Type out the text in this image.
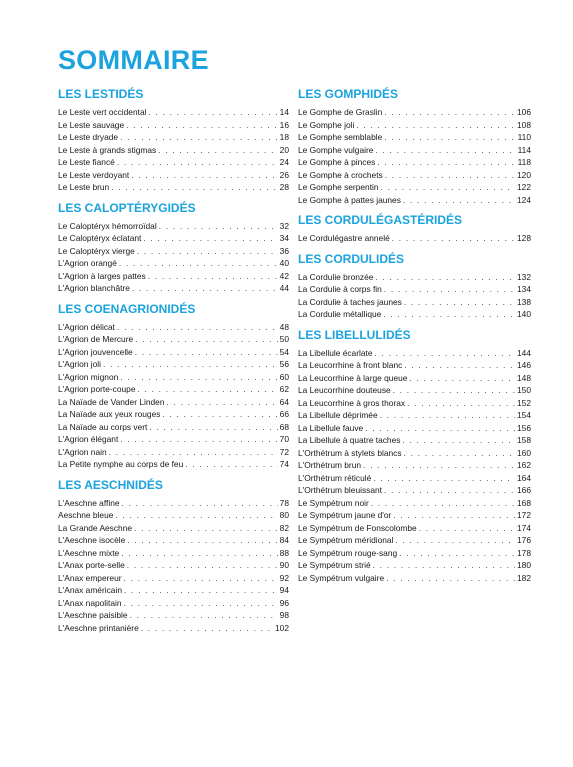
SOMMAIRE
LES LESTIDÉS
Le Leste vert occidental . . .	14
Le Leste sauvage . . .	16
Le Leste dryade . . .	18
Le Leste à grands stigmas . . .	20
Le Leste fiancé . . .	24
Le Leste verdoyant . . .	26
Le Leste brun . . .	28
LES CALOPTÉRYGIDÉS
Le Caloptéryx hémorroïdal . . .	32
Le Caloptéryx éclatant . . .	34
Le Caloptéryx vierge . . .	36
L'Agrion orangé . . .	40
L'Agrion à larges pattes . . .	42
L'Agrion blanchâtre . . .	44
LES COENAGRIONIDÉS
L'Agrion délicat . . .	48
L'Agrion de Mercure . . .	50
L'Agrion jouvencelle . . .	54
L'Agrion joli . . .	56
L'Agrion mignon . . .	60
L'Agrion porte-coupe . . .	62
La Naïade de Vander Linden . . .	64
La Naïade aux yeux rouges . . .	66
La Naïade au corps vert . . .	68
L'Agrion élégant . . .	70
L'Agrion nain . . .	72
La Petite nymphe au corps de feu . . .	74
LES AESCHNIDÉS
L'Aeschne affine . . .	78
Aeschne bleue . . .	80
La Grande Aeschne . . .	82
L'Aeschne isocèle . . .	84
L'Aeschne mixte . . .	88
L'Anax porte-selle . . .	90
L'Anax empereur . . .	92
L'Anax américain . . .	94
L'Anax napolitain . . .	96
L'Aeschne paisible . . .	98
L'Aeschne printanière . . .	102
LES GOMPHIDÉS
Le Gomphe de Graslin . . .	106
Le Gomphe joli . . .	108
Le Gomphe semblable . . .	110
Le Gomphe vulgaire . . .	114
Le Gomphe à pinces . . .	118
Le Gomphe à crochets . . .	120
Le Gomphe serpentin . . .	122
Le Gomphe à pattes jaunes . . .	124
LES CORDULÉGASTÉRIDÉS
Le Cordulégastre annelé . . .	128
LES CORDULIDÉS
La Cordulie bronzée . . .	132
La Cordulie à corps fin . . .	134
La Cordulie à taches jaunes . . .	138
La Cordulie métallique . . .	140
LES LIBELLULIDÉS
La Libellule écarlate . . .	144
La Leucorrhine à front blanc . . .	146
La Leucorrhine à large queue . . .	148
La Leucorrhine douteuse . . .	150
La Leucorrhine à gros thorax . . .	152
La Libellule déprimée . . .	154
La Libellule fauve . . .	156
La Libellule à quatre taches . . .	158
L'Orthétrum à stylets blancs . . .	160
L'Orthétrum brun . . .	162
L'Orthétrum réticulé . . .	164
L'Orthétrum bleuissant . . .	166
Le Sympétrum noir . . .	168
Le Sympétrum jaune d'or . . .	172
Le Sympétrum de Fonscolombe . . .	174
Le Sympétrum méridional . . .	176
Le Sympétrum rouge-sang . . .	178
Le Sympétrum strié . . .	180
Le Sympétrum vulgaire . . .	182
